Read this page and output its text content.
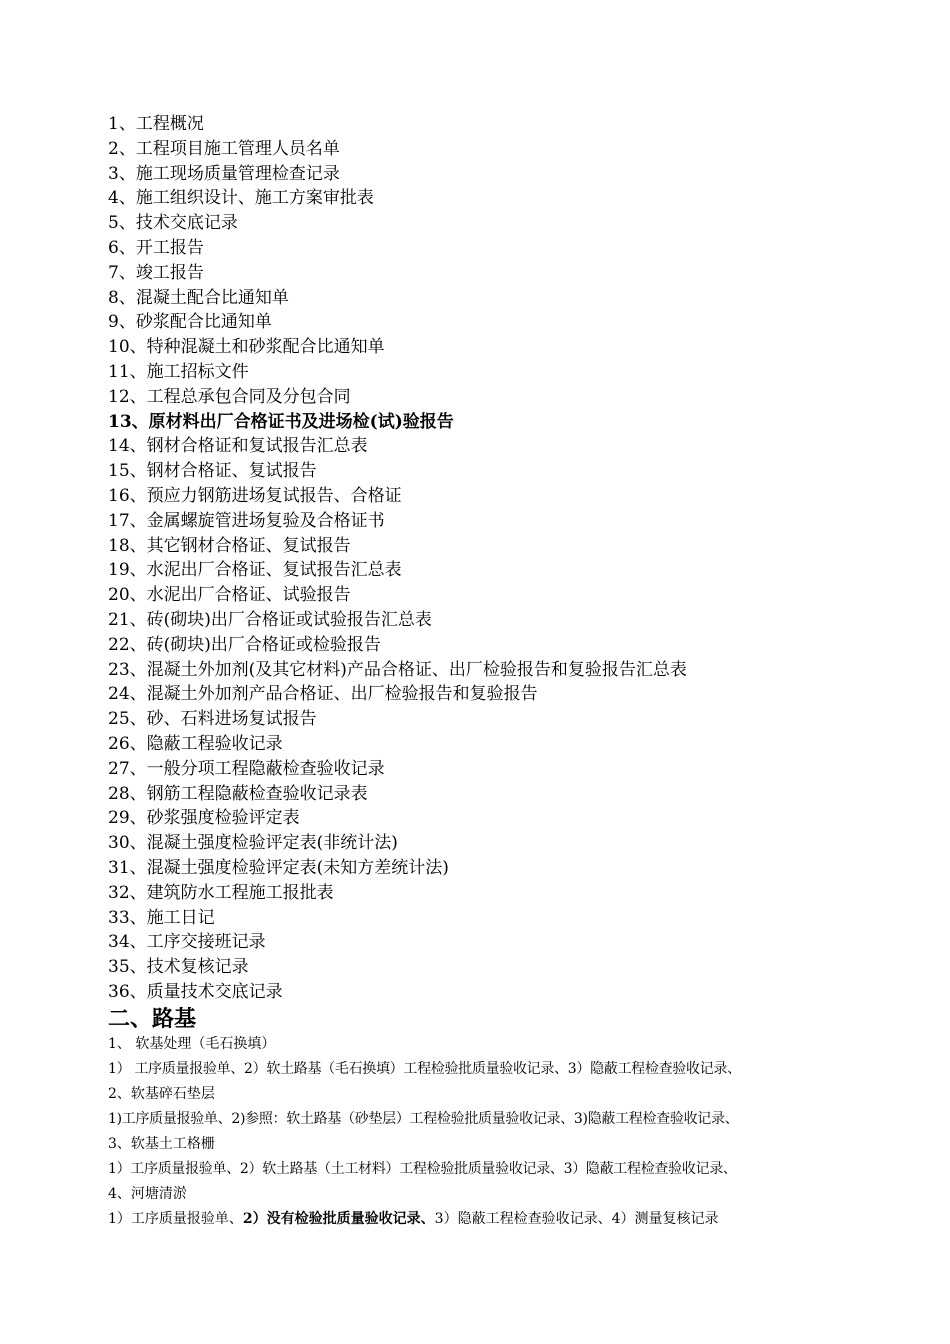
1、工程概况
2、工程项目施工管理人员名单
3、施工现场质量管理检查记录
4、施工组织设计、施工方案审批表
5、技术交底记录
6、开工报告
7、竣工报告
8、混凝土配合比通知单
9、砂浆配合比通知单
10、特种混凝土和砂浆配合比通知单
11、施工招标文件
12、工程总承包合同及分包合同
13、原材料出厂合格证书及进场检(试)验报告
14、钢材合格证和复试报告汇总表
15、钢材合格证、复试报告
16、预应力钢筋进场复试报告、合格证
17、金属螺旋管进场复验及合格证书
18、其它钢材合格证、复试报告
19、水泥出厂合格证、复试报告汇总表
20、水泥出厂合格证、试验报告
21、砖(砌块)出厂合格证或试验报告汇总表
22、砖(砌块)出厂合格证或检验报告
23、混凝土外加剂(及其它材料)产品合格证、出厂检验报告和复验报告汇总表
24、混凝土外加剂产品合格证、出厂检验报告和复验报告
25、砂、石料进场复试报告
26、隐蔽工程验收记录
27、一般分项工程隐蔽检查验收记录
28、钢筋工程隐蔽检查验收记录表
29、砂浆强度检验评定表
30、混凝土强度检验评定表(非统计法)
31、混凝土强度检验评定表(未知方差统计法)
32、建筑防水工程施工报批表
33、施工日记
34、工序交接班记录
35、技术复核记录
36、质量技术交底记录
二、路基
1、 软基处理（毛石换填）
1） 工序质量报验单、2）软土路基（毛石换填）工程检验批质量验收记录、3）隐蔽工程检查验收记录、
2、软基碎石垫层
1)工序质量报验单、2)参照：软土路基（砂垫层）工程检验批质量验收记录、3)隐蔽工程检查验收记录、
3、软基土工格栅
1）工序质量报验单、2）软土路基（土工材料）工程检验批质量验收记录、3）隐蔽工程检查验收记录、
4、河塘清淤
1）工序质量报验单、2）没有检验批质量验收记录、3）隐蔽工程检查验收记录、4）测量复核记录
